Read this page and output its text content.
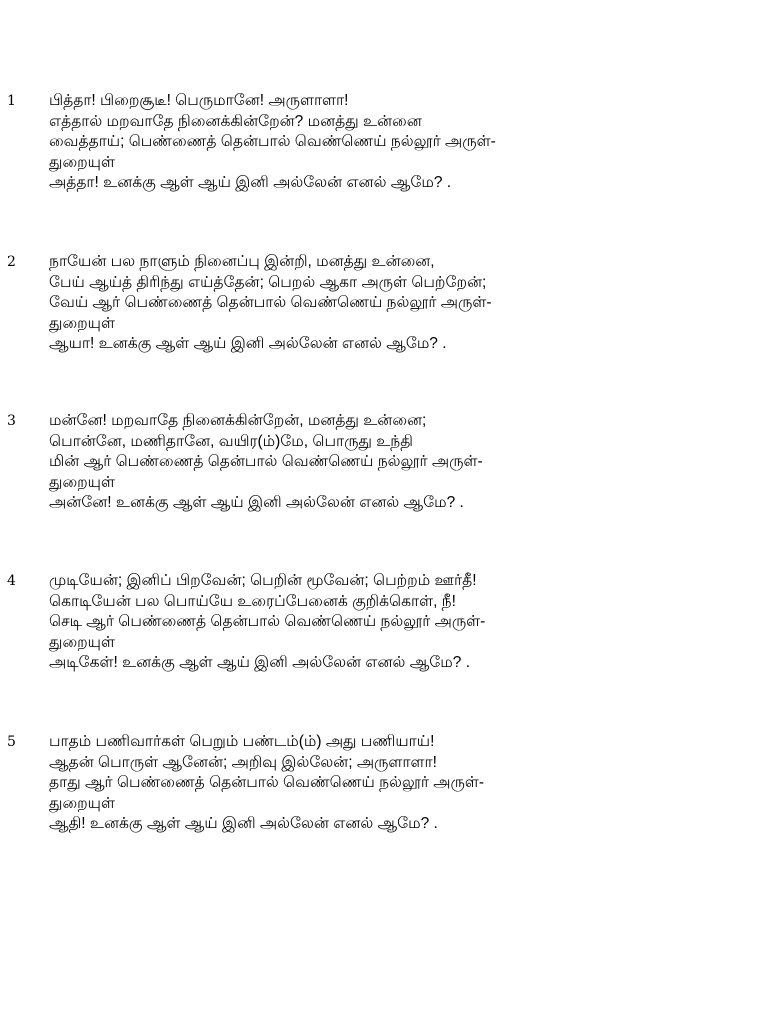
1 பித்தா! பிறைசூடீ! பெருமானே! அருளாளா!
எத்தால் மறவாதே நினைக்கின்றேன்? மனத்து உன்னை
வைத்தாய்; பெண்ணைத் தென்பால் வெண்ணெய் நல்லூர் அருள்-
துறையுள்
அத்தா! உனக்கு ஆள் ஆய் இனி அல்லேன் எனல் ஆமே? .
2 நாயேன் பல நாளும் நினைப்பு இன்றி, மனத்து உன்னை,
பேய் ஆய்த் திரிந்து எய்த்தேன்; பெறல் ஆகா அருள் பெற்றேன்;
வேய் ஆர் பெண்ணைத் தென்பால் வெண்ணெய் நல்லூர் அருள்-
துறையுள்
ஆயா! உனக்கு ஆள் ஆய் இனி அல்லேன் எனல் ஆமே? .
3 மன்னே! மறவாதே நினைக்கின்றேன், மனத்து உன்னை;
பொன்னே, மணிதானே, வயிர(ம்)மே, பொருது உந்தி
மின் ஆர் பெண்ணைத் தென்பால் வெண்ணெய் நல்லூர் அருள்-
துறையுள்
அன்னே! உனக்கு ஆள் ஆய் இனி அல்லேன் எனல் ஆமே? .
4 முடியேன்; இனிப் பிறவேன்; பெறின் மூவேன்; பெற்றம் ஊர்தீ!
கொடியேன் பல பொய்யே உரைப்பேனைக் குறிக்கொள், நீ!
செடி ஆர் பெண்ணைத் தென்பால் வெண்ணெய் நல்லூர் அருள்-
துறையுள்
அடிகேள்! உனக்கு ஆள் ஆய் இனி அல்லேன் எனல் ஆமே? .
5 பாதம் பணிவார்கள் பெறும் பண்டம்(ம்) அது பணியாய்!
ஆதன் பொருள் ஆனேன்; அறிவு இல்லேன்; அருளாளா!
தாது ஆர் பெண்ணைத் தென்பால் வெண்ணெய் நல்லூர் அருள்-
துறையுள்
ஆதி! உனக்கு ஆள் ஆய் இனி அல்லேன் எனல் ஆமே? .
